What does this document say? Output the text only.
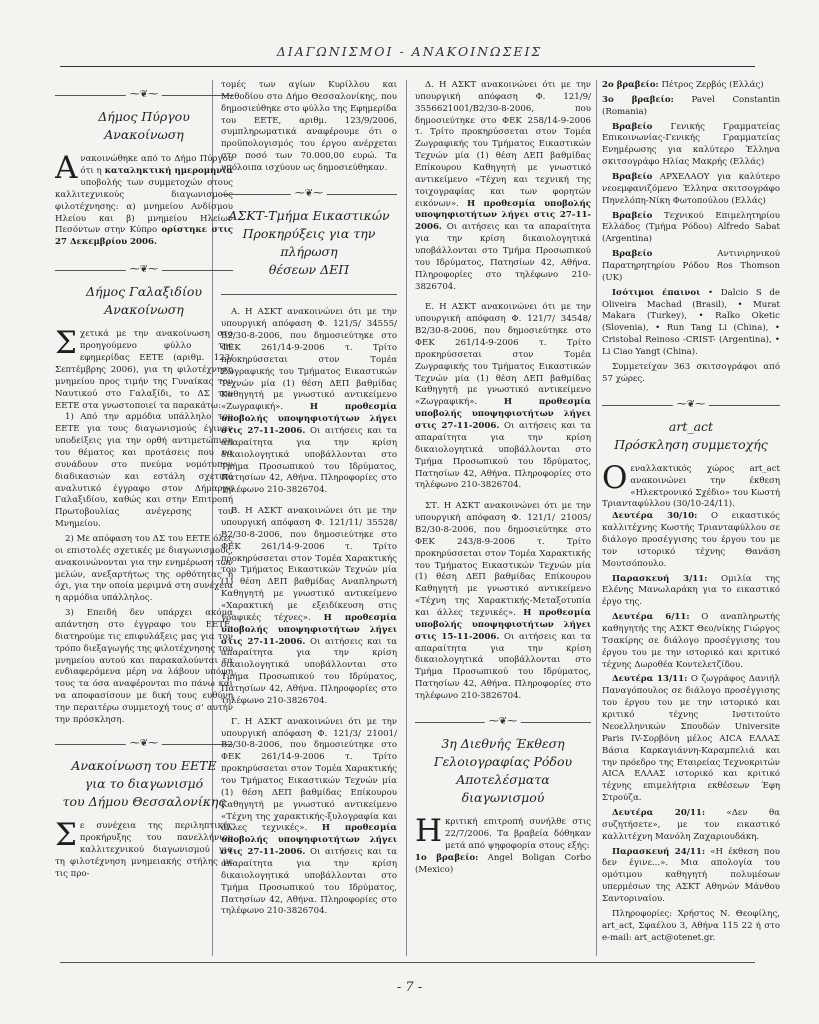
ΔΙΑΓΩΝΙΣΜΟΙ - ΑΝΑΚΟΙΝΩΣΕΙΣ
⁓❦⁓
Δήμος Πύργου
Ανακοίνωση
Α νακοινώθηκε από το Δήμο Πύργου ότι η καταληκτική ημερομηνία υποβολής των συμμετοχών στους καλλιτεχνικούς διαγωνισμούς φιλοτέχνησης: α) μνημείου Ανδίσμου Ηλείου και β) μνημείου Ηλείων Πεσόντων στην Κύπρο ορίστηκε στις 27 Δεκεμβρίου 2006.
⁓❦⁓
Δήμος Γαλαξιδίου
Ανακοίνωση
Σ χετικά με την ανακοίνωση στο προηγούμενο φύλλο της εφημερίδας ΕΕΤΕ (αριθμ. 123/Σεπτέμβρης 2006), για τη φιλοτέχνηση μνημείου προς τιμήν της Γυναίκας του Ναυτικού στο Γαλαξίδι, το ΔΣ του ΕΕΤΕ στα γνωστοποιεί τα παρακάτω:

1) Από την αρμόδια υπάλληλο του ΕΕΤΕ για τους διαγωνισμούς έγιναν υποδείξεις για την ορθή αντιμετώπιση του θέματος και προτάσεις που να συνάδουν στο πνεύμα νομότυπου διαδικασιών και εστάλη σχετικό αναλυτικό έγγραφο στον Δήμαρχο Γαλαξιδίου, καθώς και στην Επιτροπή Πρωτοβουλίας ανέγερσης του Μνημείου.

2) Με απόφαση του ΔΣ του ΕΕΤΕ όλες οι επιστολές σχετικές με διαγωνισμούς, ανακοινώνονται για την ενημέρωση των μελών, ανεξαρτήτως της ορθότητας ή όχι, για την οποία μεριμνά στη συνέχεια η αρμόδια υπάλληλος.

3) Επειδή δεν υπάρχει ακόμα απάντηση στο έγγραφο του ΕΕΤΕ, διατηρούμε τις επιφυλάξεις μας για τον τρόπο διεξαγωγής της φιλοτέχνησης του μνημείου αυτού και παρακαλούνται τα ενδιαφερόμενα μέρη να λάβουν υπόψη τους τα όσα αναφέρονται πιο πάνω και να αποφασίσουν με δική τους ευθύνη την περαιτέρω συμμετοχή τους σ' αυτήν την πρόσκληση.

⁓❦⁓
Ανακοίνωση του ΕΕΤΕ
για το διαγωνισμό
του Δήμου Θεσσαλονίκης
Σ ε συνέχεια της περιληπτικής προκήρυξης του πανελλήνιου καλλιτεχνικού διαγωνισμού για τη φιλοτέχνηση μνημειακής στήλης με τις προ-

τομές των αγίων Κυρίλλου και Μεθοδίου στο Δήμο Θεσσαλονίκης, που δημοσιεύθηκε στο φύλλο της Εφημερίδα του ΕΕΤΕ, αριθμ. 123/9/2006, συμπληρωματικά αναφέρουμε ότι ο προϋπολογισμός του έργου ανέρχεται στο ποσό των 70.000,00 ευρώ. Τα υπόλοιπα ισχύουν ως δημοσιεύθηκαν.

⁓❦⁓
ΑΣΚΤ-Τμήμα Εικαστικών
Προκηρύξεις για την πλήρωση
θέσεων ΔΕΠ

Α. Η ΑΣΚΤ ανακοινώνει ότι με την υπουργική απόφαση Φ. 121/5/ 34555/ Β2/30-8-2006, που δημοσιεύτηκε στο ΦΕΚ 261/14-9-2006 τ. Τρίτο προκηρύσσεται στον Τομέα Ζωγραφικής του Τμήματος Εικαστικών Τεχνών μία (1) θέση ΔΕΠ βαθμίδας Καθηγητή με γνωστικό αντικείμενο «Ζωγραφική».	Η προθεσμία υποβολής υποψηφιοτήτων λήγει στις 27-11-2006. Οι αιτήσεις και τα απαραίτητα για την κρίση δικαιολογητικά υποβάλλονται στο Τμήμα Προσωπικού του Ιδρύματος, Πατησίων 42, Αθήνα. Πληροφορίες στο τηλέφωνο 210-3826704.

Β. Η ΑΣΚΤ ανακοινώνει ότι με την υπουργική απόφαση Φ. 121/11/ 35528/ Β2/30-8-2006, που δημοσιεύτηκε στο ΦΕΚ 261/14-9-2006 τ. Τρίτο προκηρύσσεται στον Τομέα Χαρακτικής του Τμήματος Εικαστικών Τεχνών μία (1) θέση ΔΕΠ βαθμίδας Αναπληρωτή Καθηγητή με γνωστικό αντικείμενο «Χαρακτική με εξειδίκευση στις γραφικές τέχνες». Η προθεσμία υποβολής υποψηφιοτήτων λήγει στις 27-11-2006. Οι αιτήσεις και τα απαραίτητα για την κρίση δικαιολογητικά υποβάλλονται στο Τμήμα Προσωπικού του Ιδρύματος, Πατησίων 42, Αθήνα. Πληροφορίες στο τηλέφωνο 210-3826704.

Γ. Η ΑΣΚΤ ανακοινώνει ότι με την υπουργική απόφαση Φ. 121/3/ 21001/ Β2/30-8-2006, που δημοσιεύτηκε στο ΦΕΚ 261/14-9-2006 τ. Τρίτο προκηρύσσεται στον Τομέα Χαρακτικής του Τμήματος Εικαστικών Τεχνών μία (1) θέση ΔΕΠ βαθμίδας Επίκουρου Καθηγητή με γνωστικό αντικείμενο «Τέχνη της χαρακτικής-ξυλογραφία και άλλες τεχνικές». Η προθεσμία υποβολής υποψηφιοτήτων λήγει στις 27-11-2006. Οι αιτήσεις και τα απαραίτητα για την κρίση δικαιολογητικά υποβάλλονται στο Τμήμα Προσωπικού του Ιδρύματος, Πατησίων 42, Αθήνα. Πληροφορίες στο τηλέφωνο 210-3826704.

Δ. Η ΑΣΚΤ ανακοινώνει ότι με την υπουργική απόφαση Φ. 121/9/ 3556621001/Β2/30-8-2006, που δημοσιεύτηκε στο ΦΕΚ 258/14-9-2006 τ. Τρίτο προκηρύσσεται στον Τομέα Ζωγραφικής του Τμήματος Εικαστικών Τεχνών μία (1) θέση ΔΕΠ βαθμίδας Επίκουρου Καθηγητή με γνωστικό αντικείμενο «Τέχνη και τεχνική της τοιχογραφίας και των φορητών εικόνων». Η προθεσμία υποβολής υποψηφιοτήτων λήγει στις 27-11-2006. Οι αιτήσεις και τα απαραίτητα για την κρίση δικαιολογητικά υποβάλλονται στο Τμήμα Προσωπικού του Ιδρύματος, Πατησίων 42, Αθήνα. Πληροφορίες στο τηλέφωνο 210-3826704.

Ε. Η ΑΣΚΤ ανακοινώνει ότι με την υπουργική απόφαση Φ. 121/7/ 34548/Β2/30-8-2006, που δημοσιεύτηκε στο ΦΕΚ 261/14-9-2006 τ. Τρίτο προκηρύσσεται στον Τομέα Ζωγραφικής του Τμήματος Εικαστικών Τεχνών μία (1) θέση ΔΕΠ βαθμίδας Καθηγητή με γνωστικό αντικείμενο «Ζωγραφική».	Η προθεσμία υποβολής υποψηφιοτήτων λήγει στις 27-11-2006. Οι αιτήσεις και τα απαραίτητα για την κρίση δικαιολογητικά υποβάλλονται στο Τμήμα Προσωπικού του Ιδρύματος, Πατησίων 42, Αθήνα. Πληροφορίες στο τηλέφωνο 210-3826704.

ΣΤ. Η ΑΣΚΤ ανακοινώνει ότι με την υπουργική απόφαση Φ. 121/1/ 21005/Β2/30-8-2006, που δημοσιεύτηκε στο ΦΕΚ 243/8-9-2006 τ. Τρίτο προκηρύσσεται στον Τομέα Χαρακτικής του Τμήματος Εικαστικών Τεχνών μία (1) θέση ΔΕΠ βαθμίδας Επίκουρου Καθηγητή με γνωστικό αντικείμενο «Τέχνη της Χαρακτικής-Μεταξοτυπία και άλλες τεχνικές». Η προθεσμία υποβολής υποψηφιοτήτων λήγει στις 15-11-2006. Οι αιτήσεις και τα απαραίτητα για την κρίση δικαιολογητικά υποβάλλονται στο Τμήμα Προσωπικού του Ιδρύματος, Πατησίων 42, Αθήνα. Πληροφορίες στο τηλέφωνο 210-3826704.

⁓❦⁓
3η Διεθνής Έκθεση
Γελοιογραφίας Ρόδου
Αποτελέσματα διαγωνισμού
Η κριτική επιτροπή συνήλθε στις 22/7/2006. Τα βραβεία δόθηκαν μετά από ψηφοφορία στους εξής:

1ο βραβείο: Angel Boligan Corbo (Mexico)

2ο βραβείο: Πέτρος Ζερβός (Ελλάς)

3ο βραβείο: Pavel Constantin (Romania)

Βραβείο Γενικής Γραμματείας Επικοινωνίας-Γενικής Γραμματείας Ενημέρωσης για καλύτερο Έλληνα σκιτσογράφο Ηλίας Μακρής (Ελλάς)

Βραβείο ΑΡΧΕΛΑΟΥ για καλύτερο νεοεμφανιζόμενο Έλληνα σκιτσογράφο Πηνελόπη-Νίκη Φωτοπούλου (Ελλάς)

Βραβείο Τεχνικού Επιμελητηρίου Ελλάδος (Τμήμα Ρόδου) Alfredo Sabat (Argentina)

Βραβείο Αντινιρηνικού Παρατηρητηρίου Ρόδου Ros Thomson (UK)

Ισότιμοι έπαινοι • Dalcio S de Oliveira Machad (Brasil), • Murat Makara (Turkey), • Ralko Oketic (Slovenia), • Run Tang Li (China), • Cristobal Reinoso -CRIST- (Argentina), • Li Ciao Yangt (China).

Συμμετείχαν 363 σκιτσογράφοι από 57 χώρες.

⁓❦⁓
art_act
Πρόσκληση συμμετοχής
Ο εναλλακτικός χώρος art_act ανακοινώνει την έκθεση «Ηλεκτρονικό Σχέδιο» του Κωστή Τριανταφύλλου (30/10-24/11).

Δευτέρα 30/10: Ο εικαστικός καλλιτέχνης Κωστής Τριανταφύλλου σε διάλογο προσέγγισης του έργου του με τον ιστορικό τέχνης Θανάση Μουτσόπουλο.

Παρασκευή 3/11: Ομιλία της Ελένης Μανωλαράκη για το εικαστικό έργο της.

Δευτέρα 6/11: Ο αναπληρωτής καθηγητής της ΑΣΚΤ Θεο/νίκης Γιώργος Τσακίρης σε διάλογο προσέγγισης του έργου του με την ιστορικό και κριτικό τέχνης Δωροθέα Κοντελετζίδου.

Δευτέρα 13/11: Ο ζωγράφος Δανιήλ Παναγόπουλος σε διάλογο προσέγγισης του έργου του με την ιστορικό και κριτικό τέχνης Ινστιτούτο Νεοελληνικών Σπουδών Universite Paris IV-Σορβόνη μέλος AICA ΕΛΛΑΣ Βάσια Καρκαγιάννη-Καραμπελιά και την πρόεδρο της Εταιρείας Τεχνοκριτών AICA ΕΛΛΑΣ ιστορικό και κριτικό τέχνης επιμελήτρια εκθέσεων Έφη Στρούζα.

Δευτέρα 20/11: «Δεν θα συζητήσετε», με τον εικαστικό καλλιτέχνη Μανόλη Ζαχαριουδάκη.

Παρασκευή 24/11: «Η έκθεση που δεν έγινε...». Μια απολογία του ομότιμου καθηγητή πολυμέσων υπερμέσων της ΑΣΚΤ Αθηνών Μάνθου Σαντοριναίου.

Πληροφορίες: Χρήστος Ν. Θεοφίλης, art_act, Σφαέλου 3, Αθήνα 115 22 ή στο e-mail: art_act@otenet.gr.

- 7 -
